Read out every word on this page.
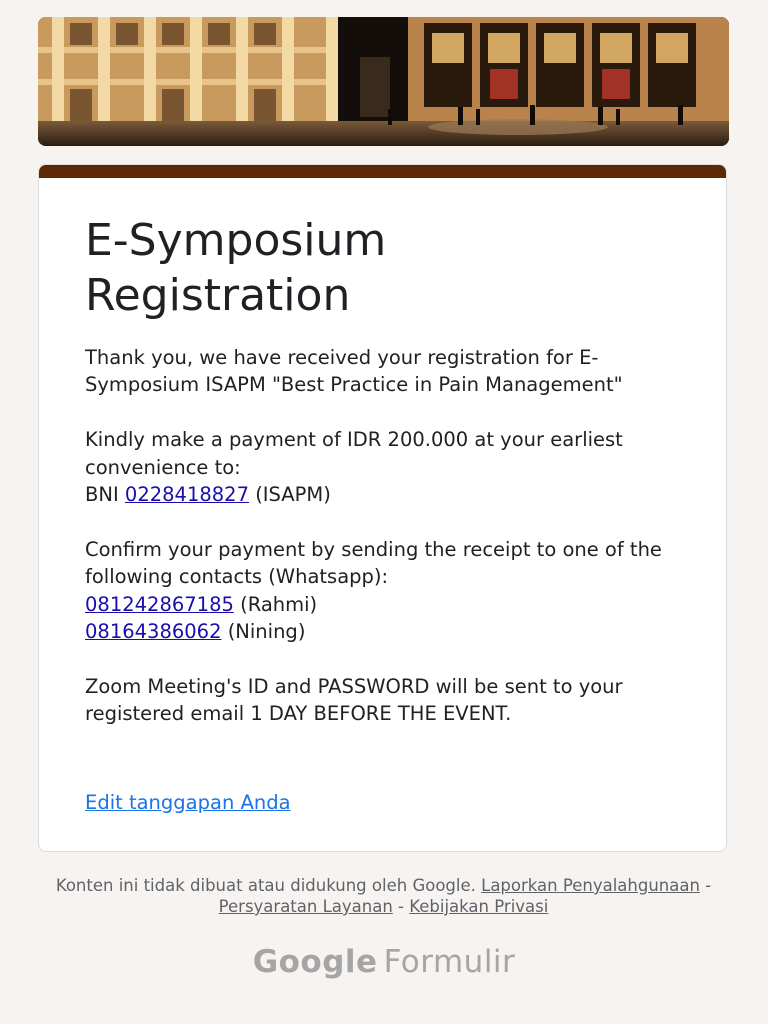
E-Symposium Registration

Thank you, we have received your registration for E-Symposium ISAPM "Best Practice in Pain Management"

Kindly make a payment of IDR 200.000 at your earliest convenience to:
BNI 0228418827 (ISAPM)

Confirm your payment by sending the receipt to one of the following contacts (Whatsapp):
081242867185 (Rahmi)
08164386062 (Nining)

Zoom Meeting's ID and PASSWORD will be sent to your registered email 1 DAY BEFORE THE EVENT.

Edit tanggapan Anda
Konten ini tidak dibuat atau didukung oleh Google. Laporkan Penyalahgunaan - Persyaratan Layanan - Kebijakan Privasi
Google Formulir
